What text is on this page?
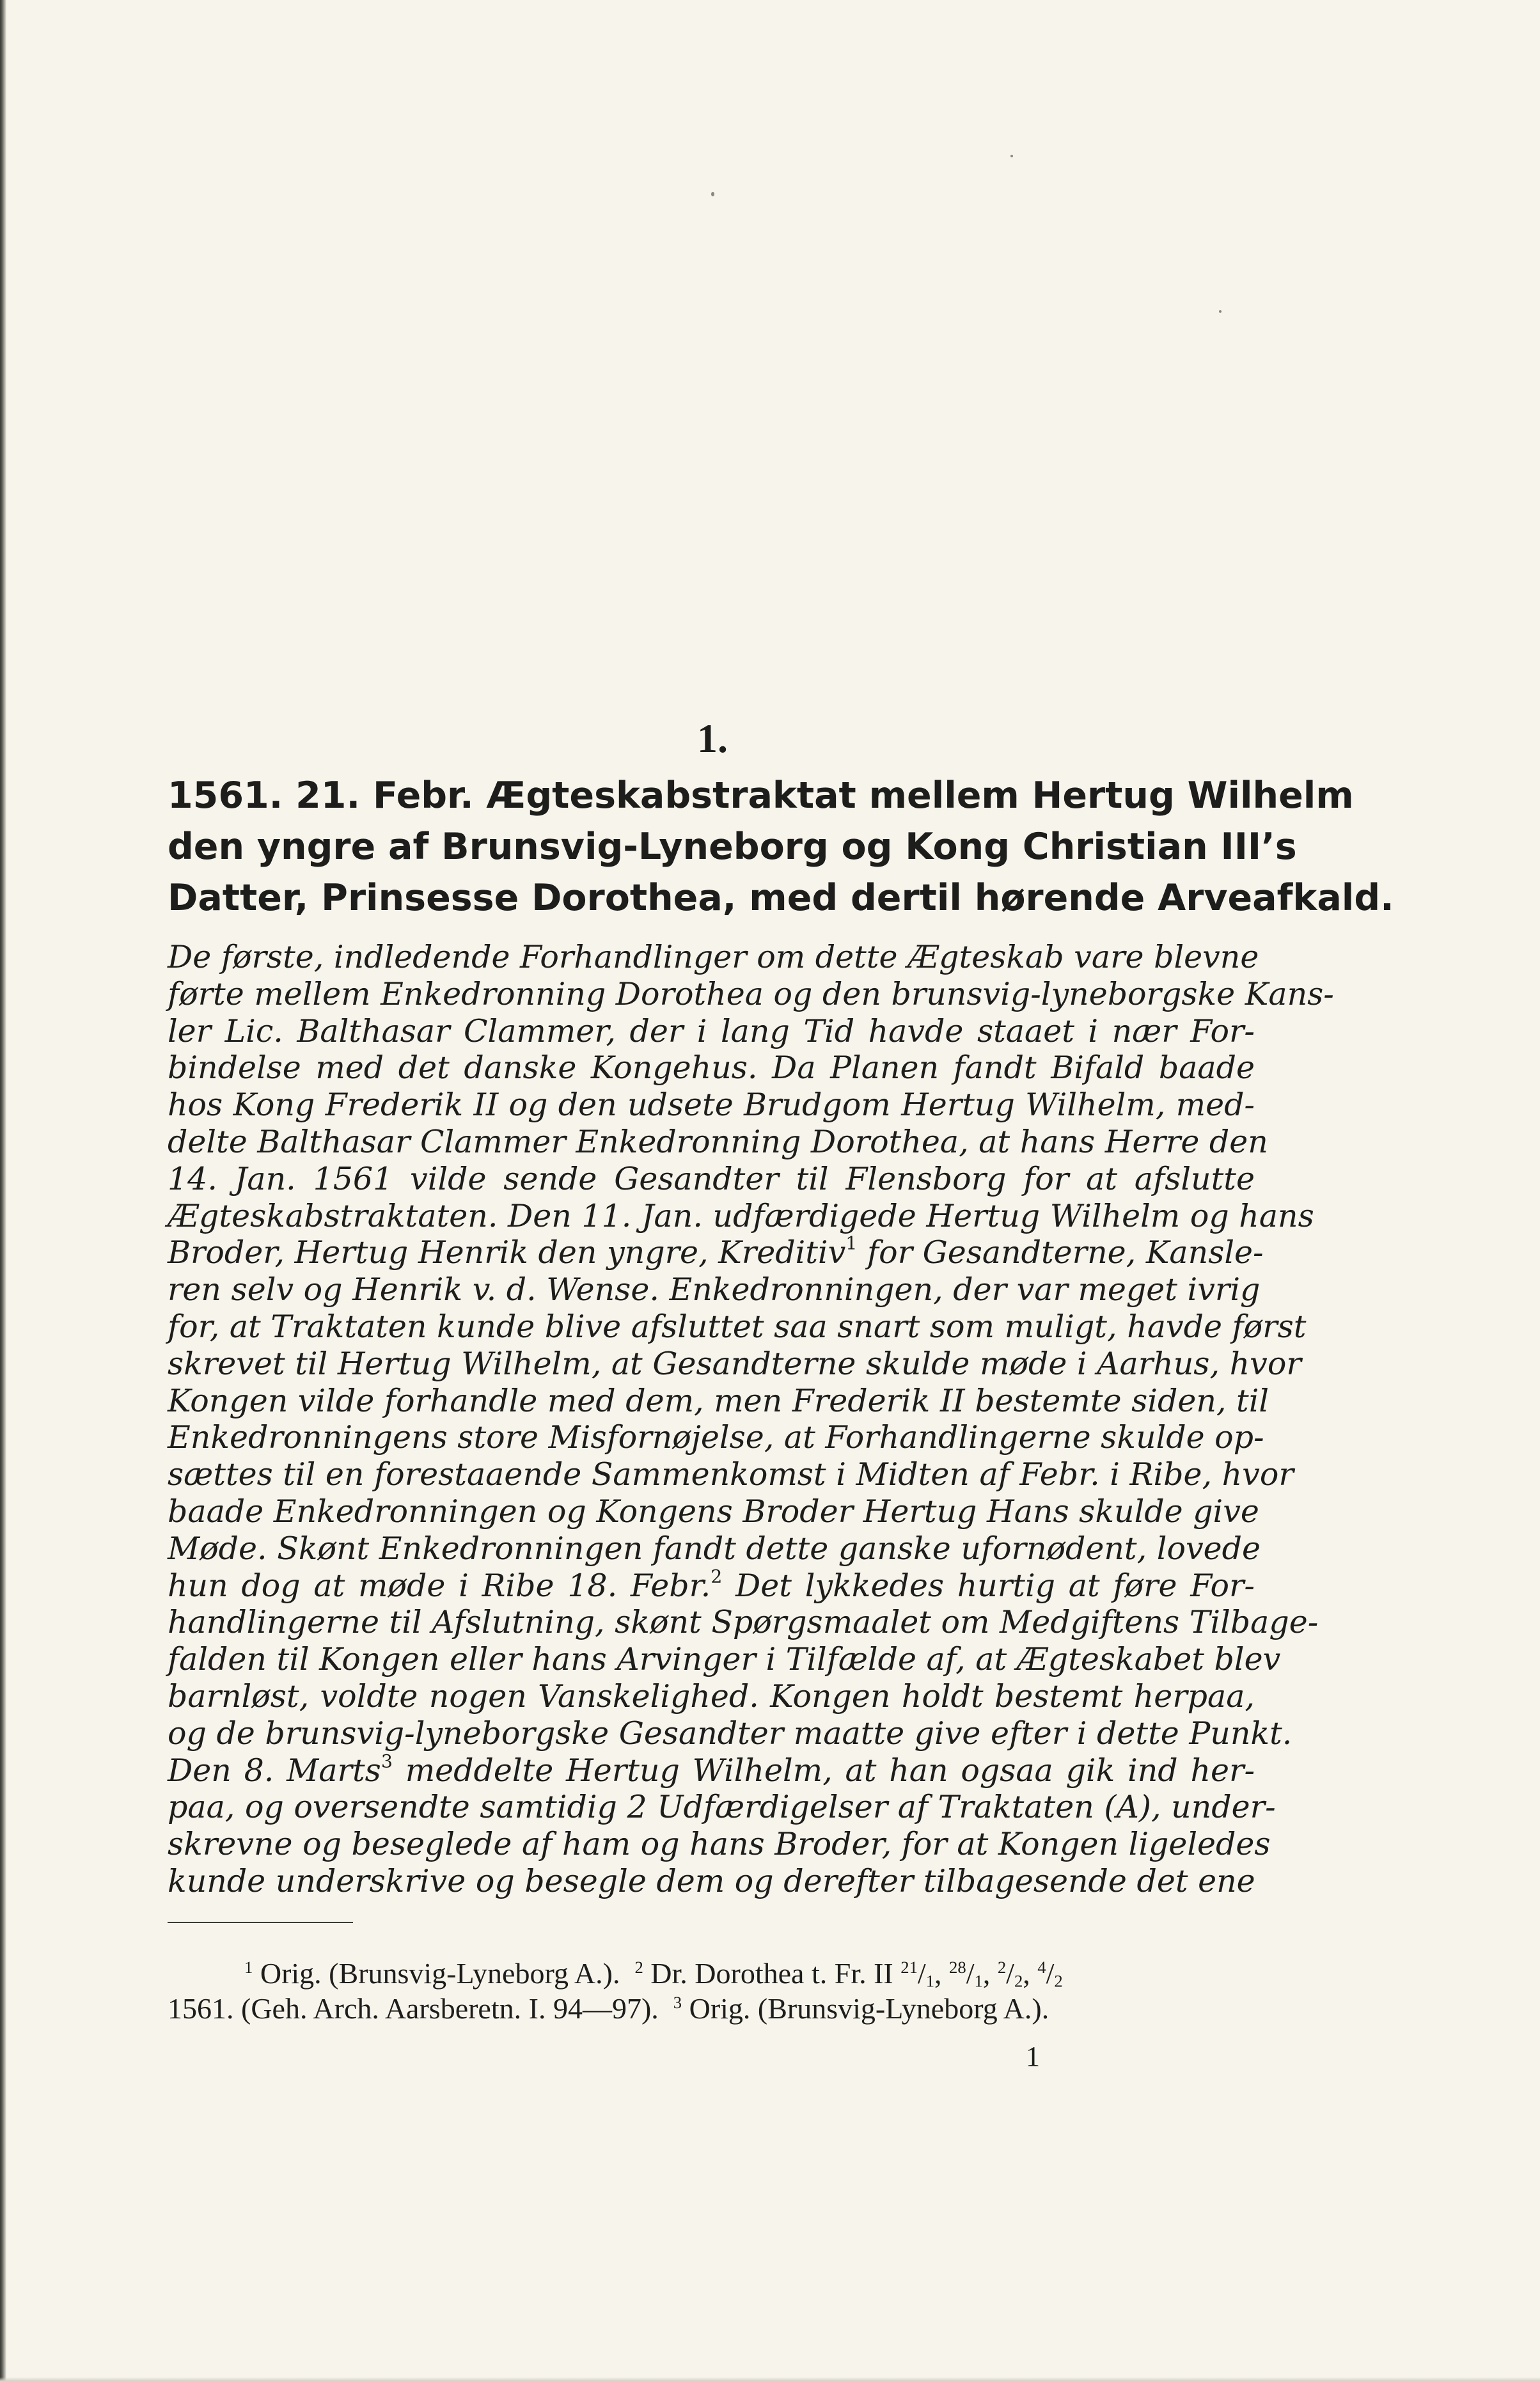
1.

1561. 21. Febr. Ægteskabstraktat mellem Hertug Wilhelm
den yngre af Brunsvig-Lyneborg og Kong Christian III’s
Datter, Prinsesse Dorothea, med dertil hørende Arveafkald.
De første, indledende Forhandlinger om dette Ægteskab vare blevne
førte mellem Enkedronning Dorothea og den brunsvig-lyneborgske Kans-
ler Lic. Balthasar Clammer, der i lang Tid havde staaet i nær For-
bindelse med det danske Kongehus. Da Planen fandt Bifald baade
hos Kong Frederik II og den udsete Brudgom Hertug Wilhelm, med-
delte Balthasar Clammer Enkedronning Dorothea, at hans Herre den
14. Jan. 1561 vilde sende Gesandter til Flensborg for at afslutte
Ægteskabstraktaten. Den 11. Jan. udfærdigede Hertug Wilhelm og hans
Broder, Hertug Henrik den yngre, Kreditiv$^1$ for Gesandterne, Kansle-
ren selv og Henrik v. d. Wense. Enkedronningen, der var meget ivrig
for, at Traktaten kunde blive afsluttet saa snart som muligt, havde først
skrevet til Hertug Wilhelm, at Gesandterne skulde møde i Aarhus, hvor
Kongen vilde forhandle med dem, men Frederik II bestemte siden, til
Enkedronningens store Misfornøjelse, at Forhandlingerne skulde op-
sættes til en forestaaende Sammenkomst i Midten af Febr. i Ribe, hvor
baade Enkedronningen og Kongens Broder Hertug Hans skulde give
Møde. Skønt Enkedronningen fandt dette ganske ufornødent, lovede
hun dog at møde i Ribe 18. Febr.$^2$ Det lykkedes hurtig at føre For-
handlingerne til Afslutning, skønt Spørgsmaalet om Medgiftens Tilbage-
falden til Kongen eller hans Arvinger i Tilfælde af, at Ægteskabet blev
barnløst, voldte nogen Vanskelighed. Kongen holdt bestemt herpaa,
og de brunsvig-lyneborgske Gesandter maatte give efter i dette Punkt.
Den 8. Marts$^3$ meddelte Hertug Wilhelm, at han ogsaa gik ind her-
paa, og oversendte samtidig 2 Udfærdigelser af Traktaten (A), under-
skrevne og beseglede af ham og hans Broder, for at Kongen ligeledes
kunde underskrive og besegle dem og derefter tilbagesende det ene
$^1$ Orig. (Brunsvig-Lyneborg A.). $^2$ Dr. Dorothea t. Fr. II $^{21}/_1$, $^{28}/_1$, $^2/_2$, $^4/_2$
1561. (Geh. Arch. Aarsberetn. I. 94—97). $^3$ Orig. (Brunsvig-Lyneborg A.).
1
